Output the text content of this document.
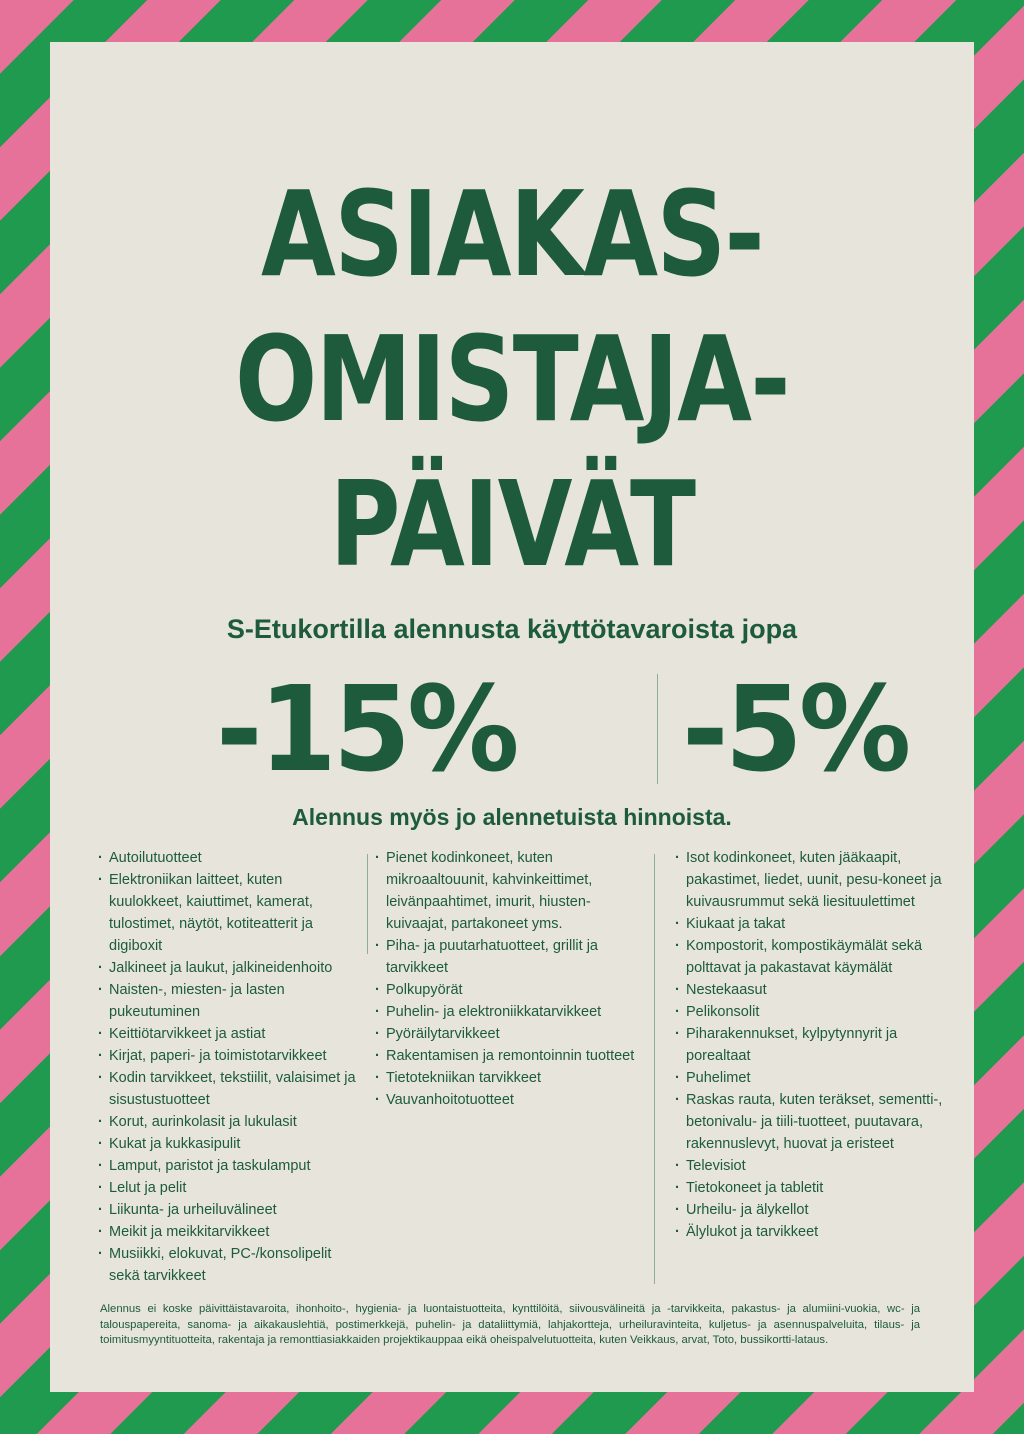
ASIAKAS-
OMISTAJA-
PÄIVÄT
S-Etukortilla alennusta käyttötavaroista jopa
-15% -5%
Alennus myös jo alennetuista hinnoista.
· Autoilutuotteet
· Elektroniikan laitteet, kuten kuulokkeet, kaiuttimet, kamerat, tulostimet, näytöt, kotiteatterit ja digiboxit
· Jalkineet ja laukut, jalkineidenhoito
· Naisten-, miesten- ja lasten pukeutuminen
· Keittiötarvikkeet ja astiat
· Kirjat, paperi- ja toimistotarvikkeet
· Kodin tarvikkeet, tekstiilit, valaisimet ja sisustustuotteet
· Korut, aurinkolasit ja lukulasit
· Kukat ja kukkasipulit
· Lamput, paristot ja taskulamput
· Lelut ja pelit
· Liikunta- ja urheiluvälineet
· Meikit ja meikkitarvikkeet
· Musiikki, elokuvat, PC-/konsolipelit sekä tarvikkeet
· Pienet kodinkoneet, kuten mikroaaltouunit, kahvinkeittimet, leivänpaahtimet, imurit, hiusten-kuivaajat, partakoneet yms.
· Piha- ja puutarhatuotteet, grillit ja tarvikkeet
· Polkupyörät
· Puhelin- ja elektroniikkatarvikkeet
· Pyöräilytarvikkeet
· Rakentamisen ja remontoinnin tuotteet
· Tietotekniikan tarvikkeet
· Vauvanhoitotuotteet
· Isot kodinkoneet, kuten jääkaapit, pakastimet, liedet, uunit, pesu-koneet ja kuivausrummut sekä liesituulettimet
· Kiukaat ja takat
· Kompostorit, kompostikäymälät sekä polttavat ja pakastavat käymälät
· Nestekaasut
· Pelikonsolit
· Piharakennukset, kylpytynnyrit ja porealtaat
· Puhelimet
· Raskas rauta, kuten teräkset, sementti-, betonivalu- ja tiili-tuotteet, puutavara, rakennuslevyt, huovat ja eristeet
· Televisiot
· Tietokoneet ja tabletit
· Urheilu- ja älykellot
· Älylukot ja tarvikkeet

Alennus ei koske päivittäistavaroita, ihonhoito-, hygienia- ja luontaistuotteita, kynttilöitä, siivousvälineitä ja -tarvikkeita, pakastus- ja alumiini-vuokia, wc- ja talouspapereita, sanoma- ja aikakauslehtiä, postimerkkejä, puhelin- ja dataliittymiä, lahjakortteja, urheiluravinteita, kuljetus- ja asennuspalveluita, tilaus- ja toimitusmyyntituotteita, rakentaja ja remonttiasiakkaiden projektikauppaa eikä oheispalvelutuotteita, kuten Veikkaus, arvat, Toto, bussikortti-lataus.
